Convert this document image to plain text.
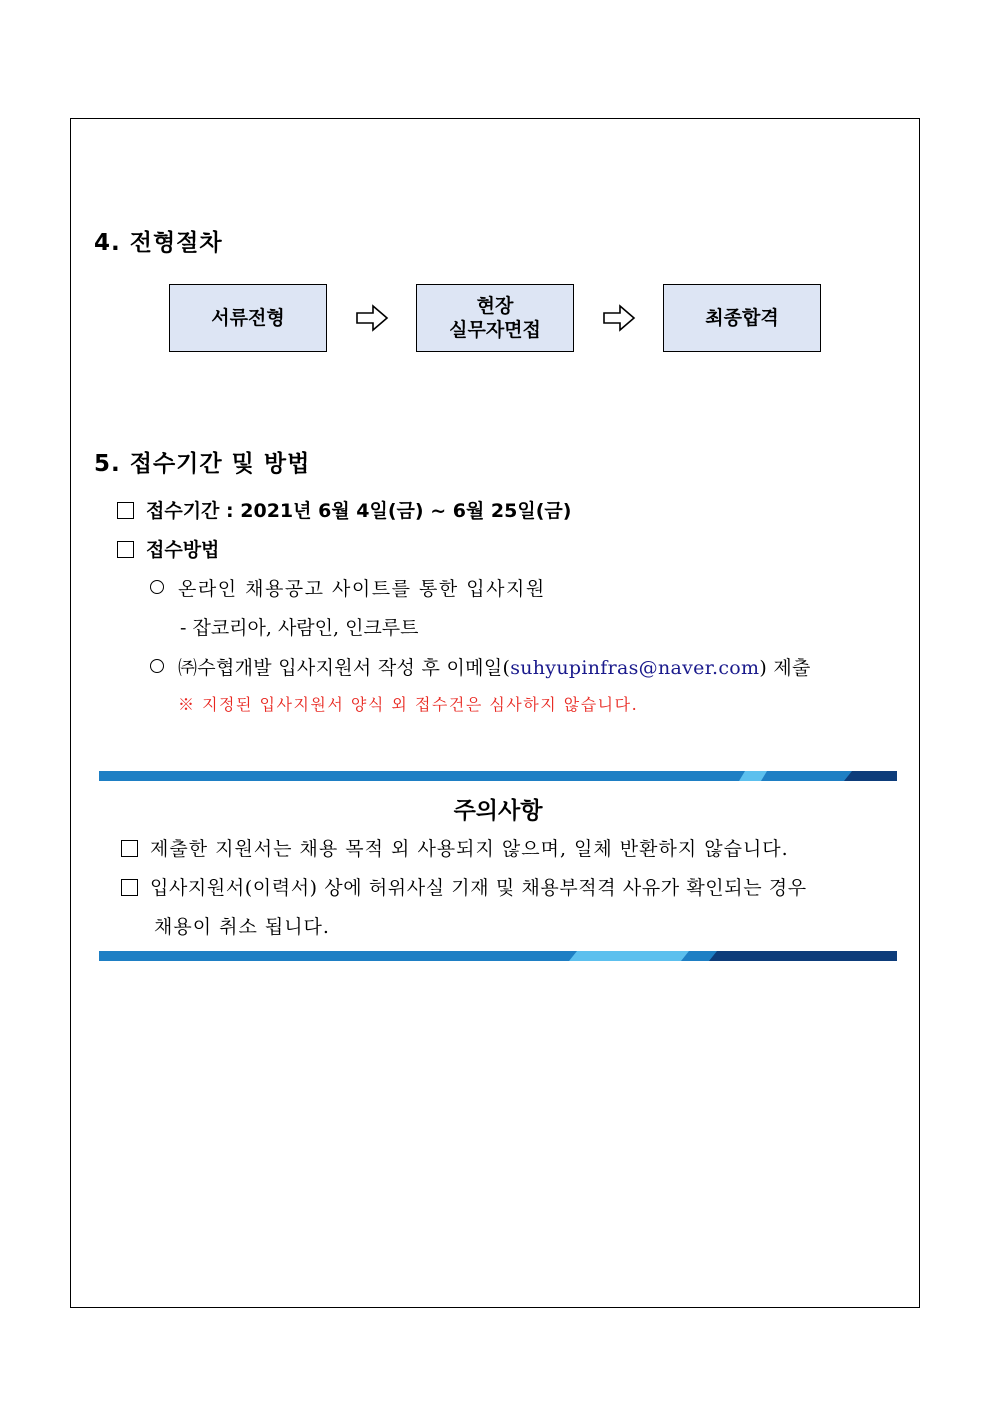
4. 전형절차
서류전형
현장
실무자면접
최종합격
5. 접수기간 및 방법
접수기간 : 2021년 6월 4일(금) ~ 6월 25일(금)
접수방법
온라인 채용공고 사이트를 통한 입사지원
- 잡코리아, 사람인, 인크루트
㈜수협개발 입사지원서 작성 후 이메일(suhyupinfras@naver.com) 제출
※ 지정된 입사지원서 양식 외 접수건은 심사하지 않습니다.
주의사항
제출한 지원서는 채용 목적 외 사용되지 않으며, 일체 반환하지 않습니다.
입사지원서(이력서) 상에 허위사실 기재 및 채용부적격 사유가 확인되는 경우
채용이 취소 됩니다.
